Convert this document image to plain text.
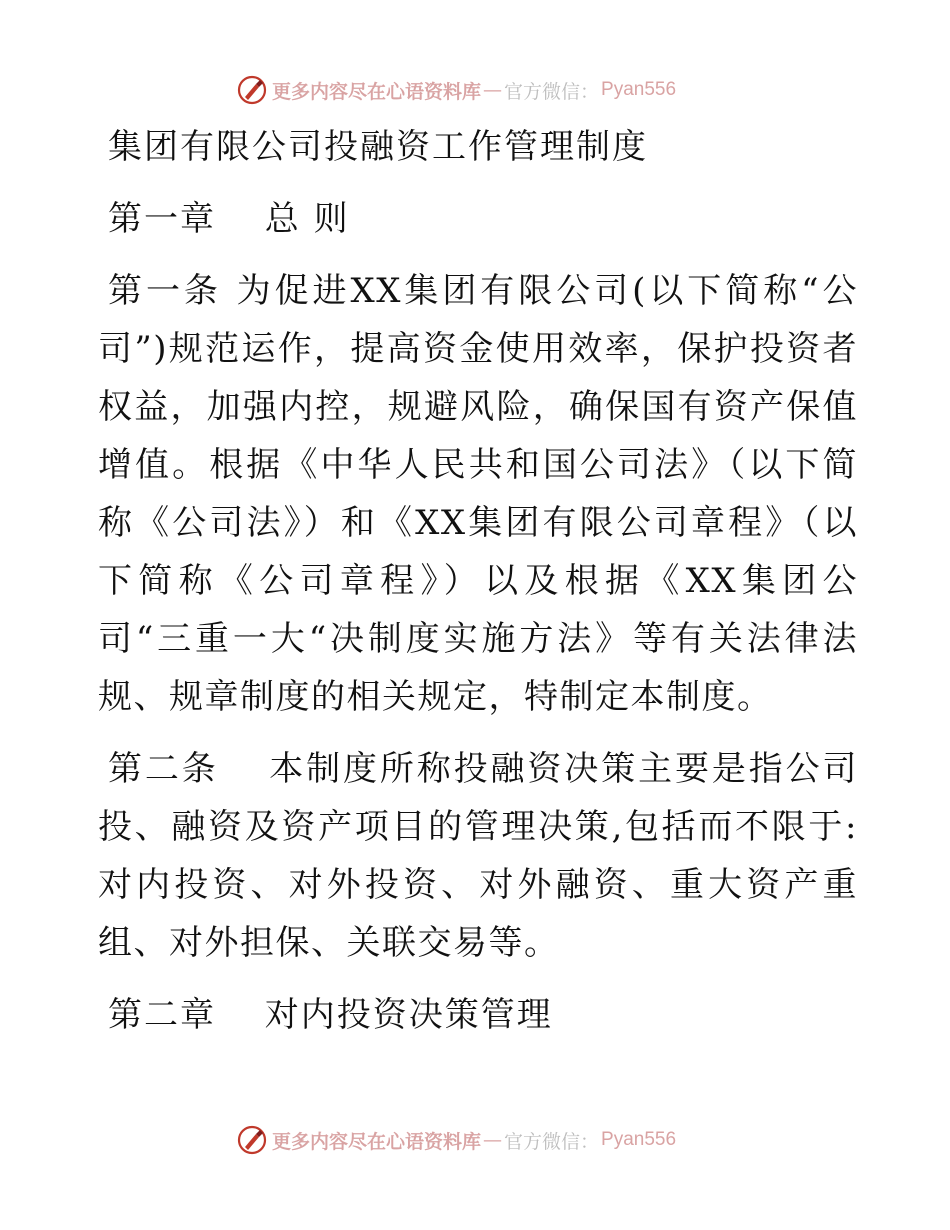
更多内容尽在心语资料库 — 官方微信： Pyan556
集团有限公司投融资工作管理制度

第一章　 总 则

第一条 为促进XX集团有限公司(以下简称“公司”)规范运作，提高资金使用效率，保护投资者权益，加强内控，规避风险，确保国有资产保值增值。根据《中华人民共和国公司法》（以下简称《公司法》）和《XX集团有限公司章程》（以下简称《公司章程》）以及根据《XX集团公司“三重一大“决制度实施方法》等有关法律法规、规章制度的相关规定，特制定本制度。

第二条　 本制度所称投融资决策主要是指公司投、融资及资产项目的管理决策,包括而不限于:对内投资、对外投资、对外融资、重大资产重组、对外担保、关联交易等。

第二章　 对内投资决策管理

更多内容尽在心语资料库 — 官方微信： Pyan556
